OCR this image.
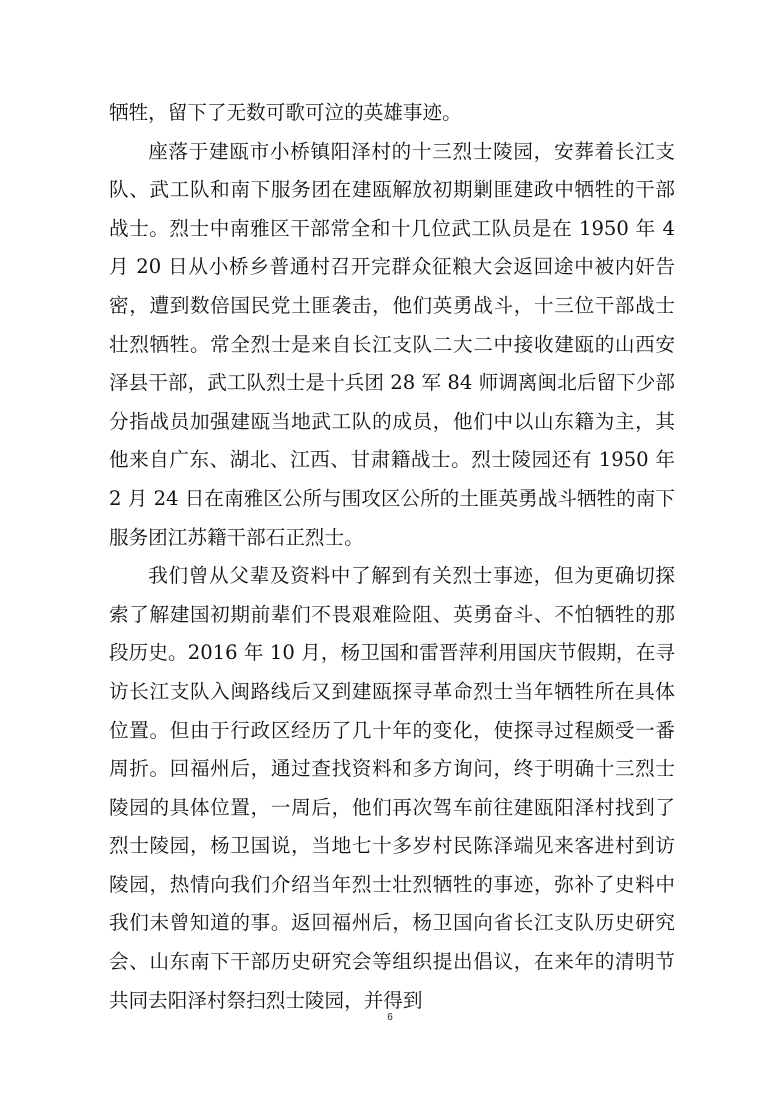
牺牲，留下了无数可歌可泣的英雄事迹。

座落于建瓯市小桥镇阳泽村的十三烈士陵园，安葬着长江支队、武工队和南下服务团在建瓯解放初期剿匪建政中牺牲的干部战士。烈士中南雅区干部常全和十几位武工队员是在 1950 年 4 月 20 日从小桥乡普通村召开完群众征粮大会返回途中被内奸告密，遭到数倍国民党土匪袭击，他们英勇战斗，十三位干部战士壮烈牺牲。常全烈士是来自长江支队二大二中接收建瓯的山西安泽县干部，武工队烈士是十兵团 28 军 84 师调离闽北后留下少部分指战员加强建瓯当地武工队的成员，他们中以山东籍为主，其他来自广东、湖北、江西、甘肃籍战士。烈士陵园还有 1950 年 2 月 24 日在南雅区公所与围攻区公所的土匪英勇战斗牺牲的南下服务团江苏籍干部石正烈士。

我们曾从父辈及资料中了解到有关烈士事迹，但为更确切探索了解建国初期前辈们不畏艰难险阻、英勇奋斗、不怕牺牲的那段历史。2016 年 10 月，杨卫国和雷晋萍利用国庆节假期，在寻访长江支队入闽路线后又到建瓯探寻革命烈士当年牺牲所在具体位置。但由于行政区经历了几十年的变化，使探寻过程颇受一番周折。回福州后，通过查找资料和多方询问，终于明确十三烈士陵园的具体位置，一周后，他们再次驾车前往建瓯阳泽村找到了烈士陵园，杨卫国说，当地七十多岁村民陈泽端见来客进村到访陵园，热情向我们介绍当年烈士壮烈牺牲的事迹，弥补了史料中我们未曾知道的事。返回福州后，杨卫国向省长江支队历史研究会、山东南下干部历史研究会等组织提出倡议，在来年的清明节共同去阳泽村祭扫烈士陵园，并得到

6
